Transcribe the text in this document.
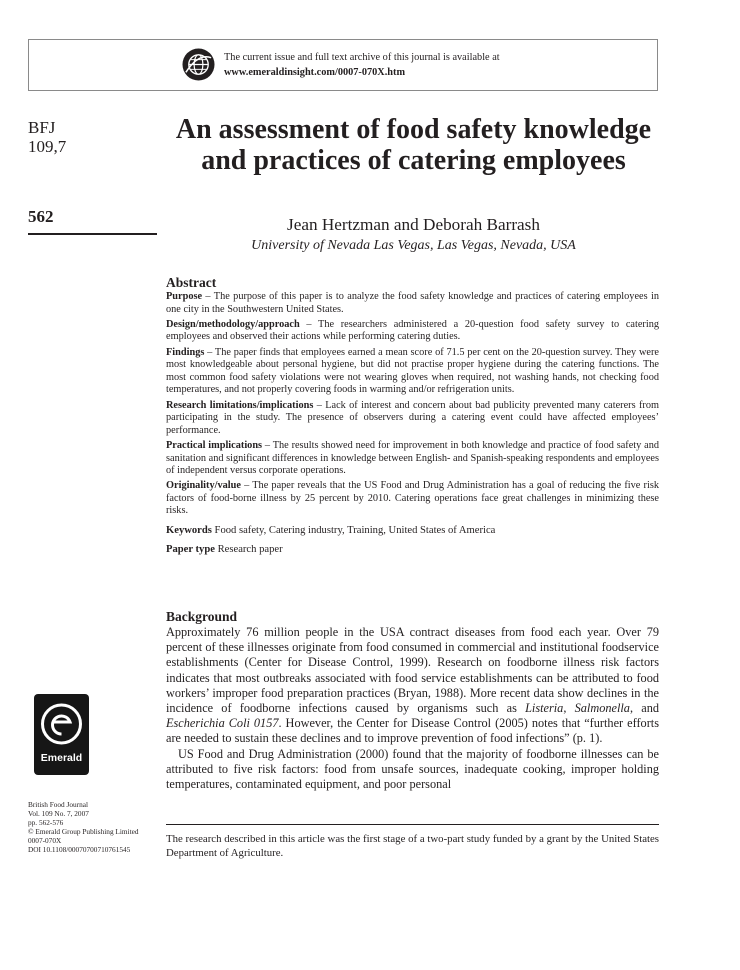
The current issue and full text archive of this journal is available at
www.emeraldinsight.com/0007-070X.htm
BFJ
109,7
562
An assessment of food safety knowledge and practices of catering employees
Jean Hertzman and Deborah Barrash
University of Nevada Las Vegas, Las Vegas, Nevada, USA
Abstract

Purpose – The purpose of this paper is to analyze the food safety knowledge and practices of catering employees in one city in the Southwestern United States.

Design/methodology/approach – The researchers administered a 20-question food safety survey to catering employees and observed their actions while performing catering duties.

Findings – The paper finds that employees earned a mean score of 71.5 per cent on the 20-question survey. They were most knowledgeable about personal hygiene, but did not practise proper hygiene during the catering functions. The most common food safety violations were not wearing gloves when required, not washing hands, not checking food temperatures, and not properly covering foods in warming and/or refrigeration units.

Research limitations/implications – Lack of interest and concern about bad publicity prevented many caterers from participating in the study. The presence of observers during a catering event could have affected employees’ performance.

Practical implications – The results showed need for improvement in both knowledge and practice of food safety and sanitation and significant differences in knowledge between English- and Spanish-speaking respondents and employees of independent versus corporate operations.

Originality/value – The paper reveals that the US Food and Drug Administration has a goal of reducing the five risk factors of food-borne illness by 25 percent by 2010. Catering operations face great challenges in minimizing these risks.

Keywords Food safety, Catering industry, Training, United States of America

Paper type Research paper

Background

Approximately 76 million people in the USA contract diseases from food each year. Over 79 percent of these illnesses originate from food consumed in commercial and institutional foodservice establishments (Center for Disease Control, 1999). Research on foodborne illness risk factors indicates that most outbreaks associated with food service establishments can be attributed to food workers’ improper food preparation practices (Bryan, 1988). More recent data show declines in the incidence of foodborne infections caused by organisms such as Listeria, Salmonella, and Escherichia Coli 0157. However, the Center for Disease Control (2005) notes that “further efforts are needed to sustain these declines and to improve prevention of food infections” (p. 1).

US Food and Drug Administration (2000) found that the majority of foodborne illnesses can be attributed to five risk factors: food from unsafe sources, inadequate cooking, improper holding temperatures, contaminated equipment, and poor personal

The research described in this article was the first stage of a two-part study funded by a grant by the United States Department of Agriculture.
Emerald
British Food Journal
Vol. 109 No. 7, 2007
pp. 562-576
© Emerald Group Publishing Limited
0007-070X
DOI 10.1108/00070700710761545
